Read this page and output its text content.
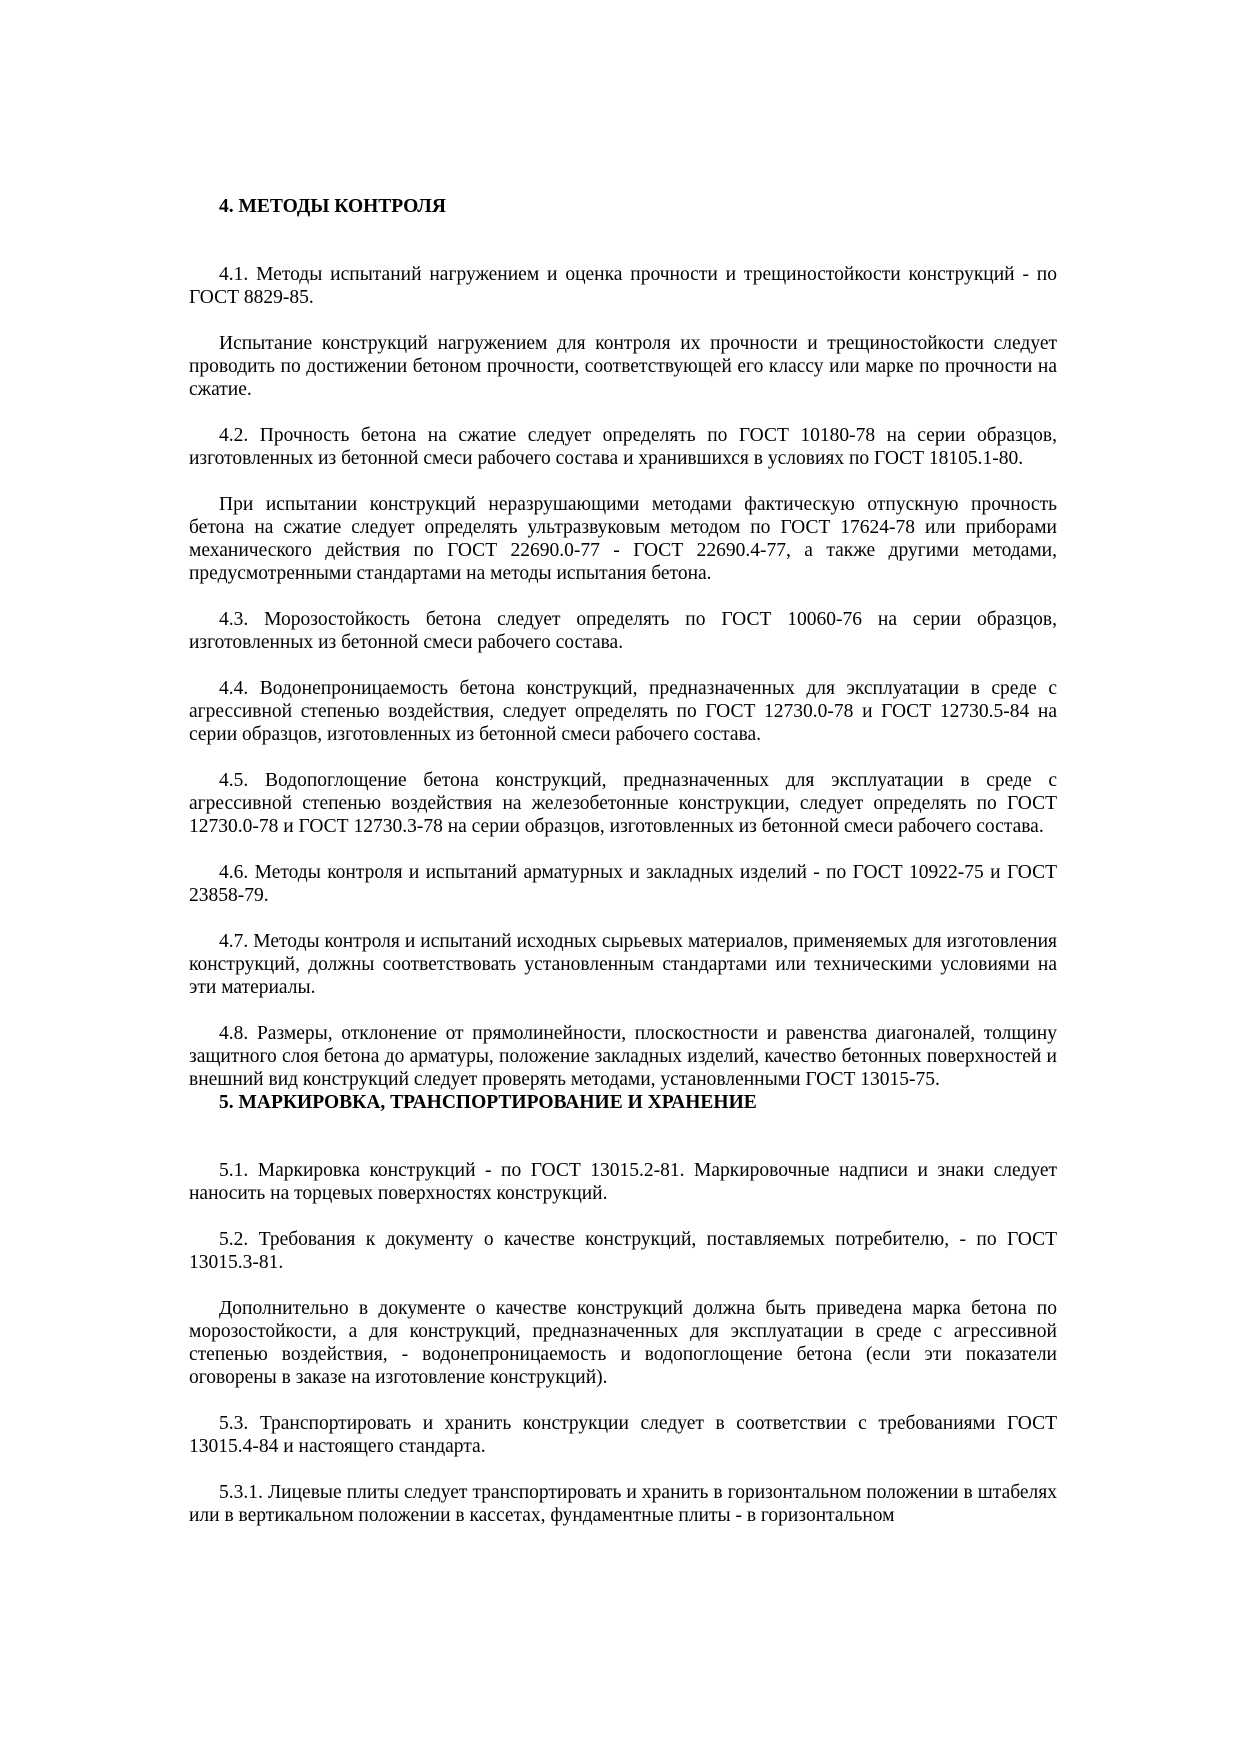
4. МЕТОДЫ КОНТРОЛЯ

4.1. Методы испытаний нагружением и оценка прочности и трещиностойкости конструкций - по ГОСТ 8829-85.

Испытание конструкций нагружением для контроля их прочности и трещиностойкости следует проводить по достижении бетоном прочности, соответствующей его классу или марке по прочности на сжатие.

4.2. Прочность бетона на сжатие следует определять по ГОСТ 10180-78 на серии образцов, изготовленных из бетонной смеси рабочего состава и хранившихся в условиях по ГОСТ 18105.1-80.

При испытании конструкций неразрушающими методами фактическую отпускную прочность бетона на сжатие следует определять ультразвуковым методом по ГОСТ 17624-78 или приборами механического действия по ГОСТ 22690.0-77 - ГОСТ 22690.4-77, а также другими методами, предусмотренными стандартами на методы испытания бетона.

4.3. Морозостойкость бетона следует определять по ГОСТ 10060-76 на серии образцов, изготовленных из бетонной смеси рабочего состава.

4.4. Водонепроницаемость бетона конструкций, предназначенных для эксплуатации в среде с агрессивной степенью воздействия, следует определять по ГОСТ 12730.0-78 и ГОСТ 12730.5-84 на серии образцов, изготовленных из бетонной смеси рабочего состава.

4.5. Водопоглощение бетона конструкций, предназначенных для эксплуатации в среде с агрессивной степенью воздействия на железобетонные конструкции, следует определять по ГОСТ 12730.0-78 и ГОСТ 12730.3-78 на серии образцов, изготовленных из бетонной смеси рабочего состава.

4.6. Методы контроля и испытаний арматурных и закладных изделий - по ГОСТ 10922-75 и ГОСТ 23858-79.

4.7. Методы контроля и испытаний исходных сырьевых материалов, применяемых для изготовления конструкций, должны соответствовать установленным стандартами или техническими условиями на эти материалы.

4.8. Размеры, отклонение от прямолинейности, плоскостности и равенства диагоналей, толщину защитного слоя бетона до арматуры, положение закладных изделий, качество бетонных поверхностей и внешний вид конструкций следует проверять методами, установленными ГОСТ 13015-75.

5. МАРКИРОВКА, ТРАНСПОРТИРОВАНИЕ И ХРАНЕНИЕ

5.1. Маркировка конструкций - по ГОСТ 13015.2-81. Маркировочные надписи и знаки следует наносить на торцевых поверхностях конструкций.

5.2. Требования к документу о качестве конструкций, поставляемых потребителю, - по ГОСТ 13015.3-81.

Дополнительно в документе о качестве конструкций должна быть приведена марка бетона по морозостойкости, а для конструкций, предназначенных для эксплуатации в среде с агрессивной степенью воздействия, - водонепроницаемость и водопоглощение бетона (если эти показатели оговорены в заказе на изготовление конструкций).

5.3. Транспортировать и хранить конструкции следует в соответствии с требованиями ГОСТ 13015.4-84 и настоящего стандарта.

5.3.1. Лицевые плиты следует транспортировать и хранить в горизонтальном положении в штабелях или в вертикальном положении в кассетах, фундаментные плиты - в горизонтальном
